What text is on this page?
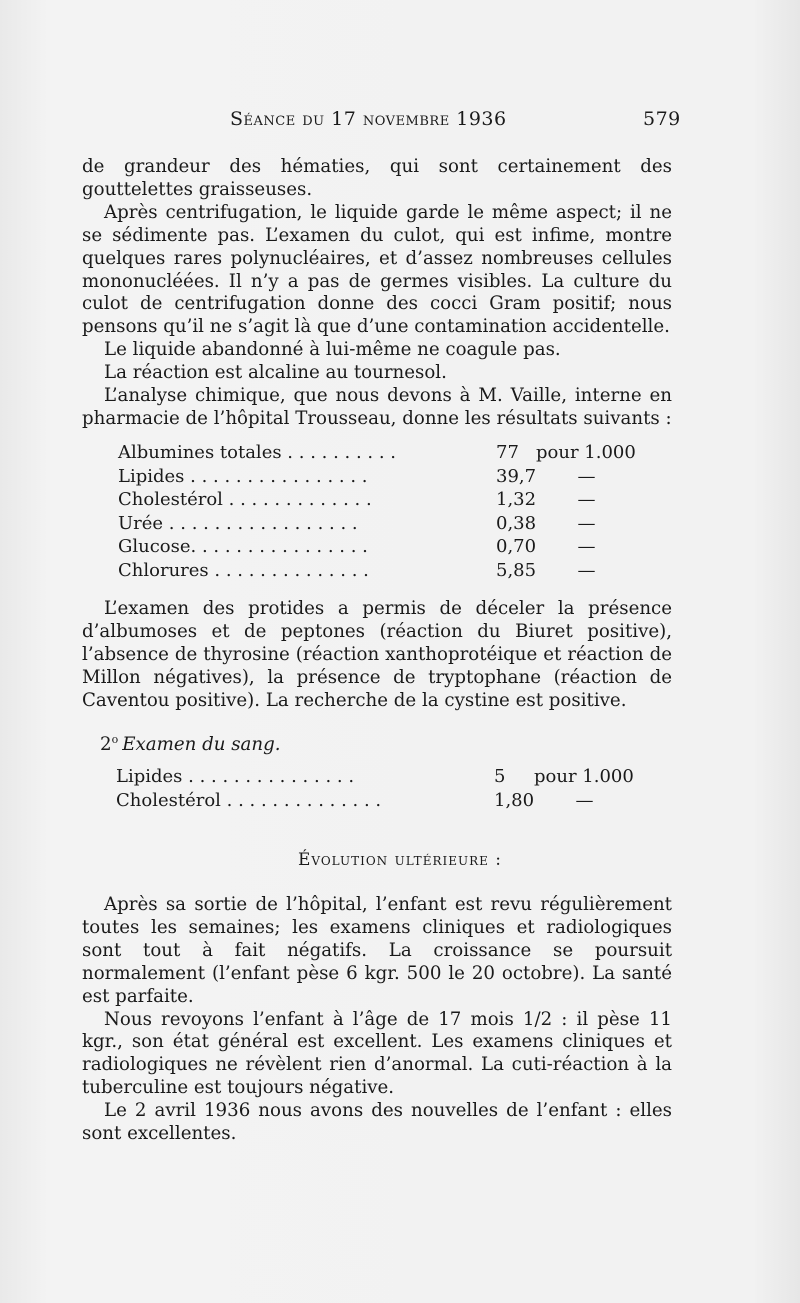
Séance du 17 novembre 1936	579

de grandeur des hématies, qui sont certainement des gouttelettes graisseuses.

Après centrifugation, le liquide garde le même aspect; il ne se sédimente pas. L’examen du culot, qui est infime, montre quelques rares polynucléaires, et d’assez nombreuses cellules mononucléées. Il n’y a pas de germes visibles. La culture du culot de centrifugation donne des cocci Gram positif; nous pensons qu’il ne s’agit là que d’une contamination accidentelle.

Le liquide abandonné à lui-même ne coagule pas.

La réaction est alcaline au tournesol.

L’analyse chimique, que nous devons à M. Vaille, interne en pharmacie de l’hôpital Trousseau, donne les résultats suivants :

Albumines totales . . . . . . . . . .	77 pour 1.000
Lipides . . . . . . . . . . . . . . . .	39,7	—
Cholestérol . . . . . . . . . . . . .	1,32	—
Urée . . . . . . . . . . . . . . . . .	0,38	—
Glucose. . . . . . . . . . . . . . . .	0,70	—
Chlorures . . . . . . . . . . . . . .	5,85	—

L’examen des protides a permis de déceler la présence d’albumoses et de peptones (réaction du Biuret positive), l’absence de thyrosine (réaction xanthoprotéique et réaction de Millon négatives), la présence de tryptophane (réaction de Caventou positive). La recherche de la cystine est positive.

2$^o$ Examen du sang.
Lipides . . . . . . . . . . . . . . .	5 pour 1.000
Cholestérol . . . . . . . . . . . . . .	1,80	—
Évolution ultérieure :

Après sa sortie de l’hôpital, l’enfant est revu régulièrement toutes les semaines; les examens cliniques et radiologiques sont tout à fait négatifs. La croissance se poursuit normalement (l’enfant pèse 6 kgr. 500 le 20 octobre). La santé est parfaite.

Nous revoyons l’enfant à l’âge de 17 mois 1/2 : il pèse 11 kgr., son état général est excellent. Les examens cliniques et radiologiques ne révèlent rien d’anormal. La cuti-réaction à la tuberculine est toujours négative.

Le 2 avril 1936 nous avons des nouvelles de l’enfant : elles sont excellentes.
